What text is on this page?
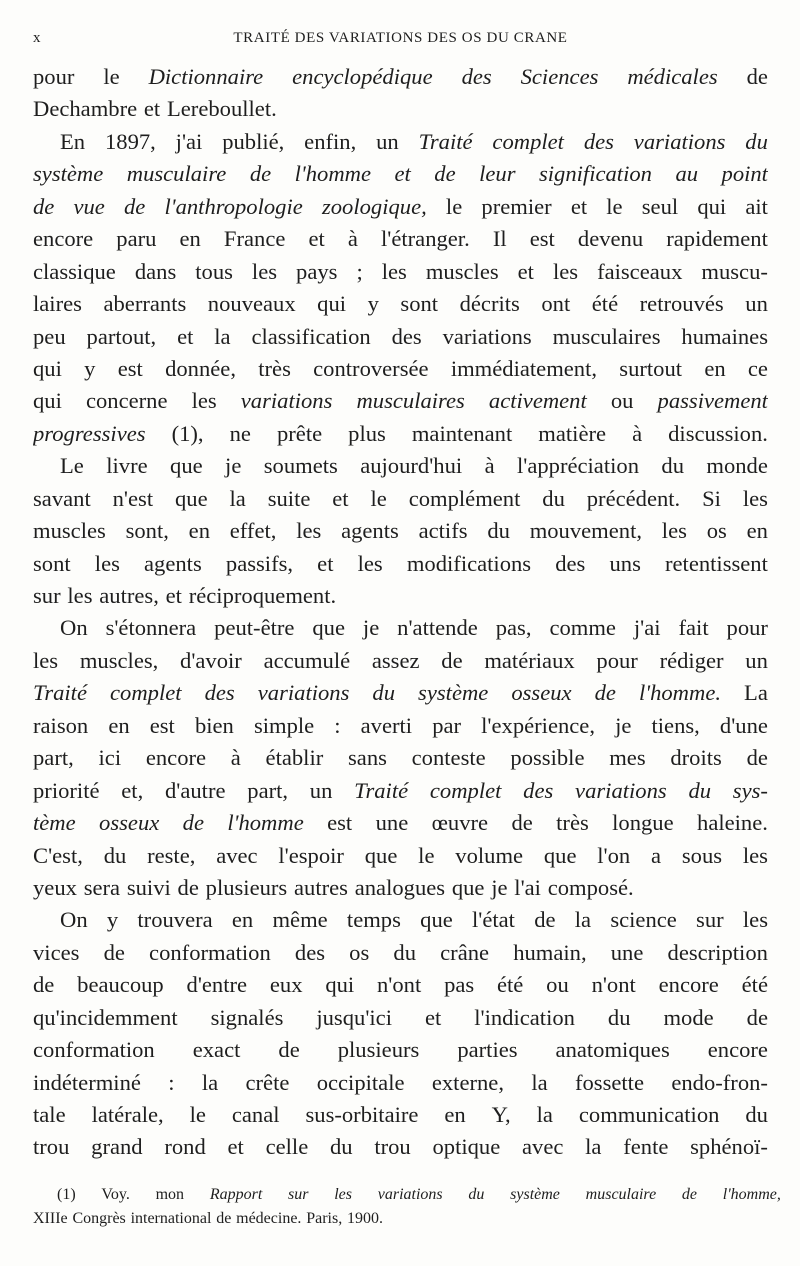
x	TRAITÉ DES VARIATIONS DES OS DU CRANE
pour le Dictionnaire encyclopédique des Sciences médicales de
Dechambre et Lereboullet.
En 1897, j'ai publié, enfin, un Traité complet des variations du
système musculaire de l'homme et de leur signification au point
de vue de l'anthropologie zoologique, le premier et le seul qui ait
encore paru en France et à l'étranger. Il est devenu rapidement
classique dans tous les pays ; les muscles et les faisceaux muscu-
laires aberrants nouveaux qui y sont décrits ont été retrouvés un
peu partout, et la classification des variations musculaires humaines
qui y est donnée, très controversée immédiatement, surtout en ce
qui concerne les variations musculaires activement ou passivement
progressives (1), ne prête plus maintenant matière à discussion.
Le livre que je soumets aujourd'hui à l'appréciation du monde
savant n'est que la suite et le complément du précédent. Si les
muscles sont, en effet, les agents actifs du mouvement, les os en
sont les agents passifs, et les modifications des uns retentissent
sur les autres, et réciproquement.
On s'étonnera peut-être que je n'attende pas, comme j'ai fait pour
les muscles, d'avoir accumulé assez de matériaux pour rédiger un
Traité complet des variations du système osseux de l'homme. La
raison en est bien simple : averti par l'expérience, je tiens, d'une
part, ici encore à établir sans conteste possible mes droits de
priorité et, d'autre part, un Traité complet des variations du sys-
tème osseux de l'homme est une œuvre de très longue haleine.
C'est, du reste, avec l'espoir que le volume que l'on a sous les
yeux sera suivi de plusieurs autres analogues que je l'ai composé.
On y trouvera en même temps que l'état de la science sur les
vices de conformation des os du crâne humain, une description
de beaucoup d'entre eux qui n'ont pas été ou n'ont encore été
qu'incidemment signalés jusqu'ici et l'indication du mode de
conformation exact de plusieurs parties anatomiques encore
indéterminé : la crête occipitale externe, la fossette endo-fron-
tale latérale, le canal sus-orbitaire en Y, la communication du
trou grand rond et celle du trou optique avec la fente sphénoï-
(1) Voy. mon Rapport sur les variations du système musculaire de l'homme,
XIIIe Congrès international de médecine. Paris, 1900.
